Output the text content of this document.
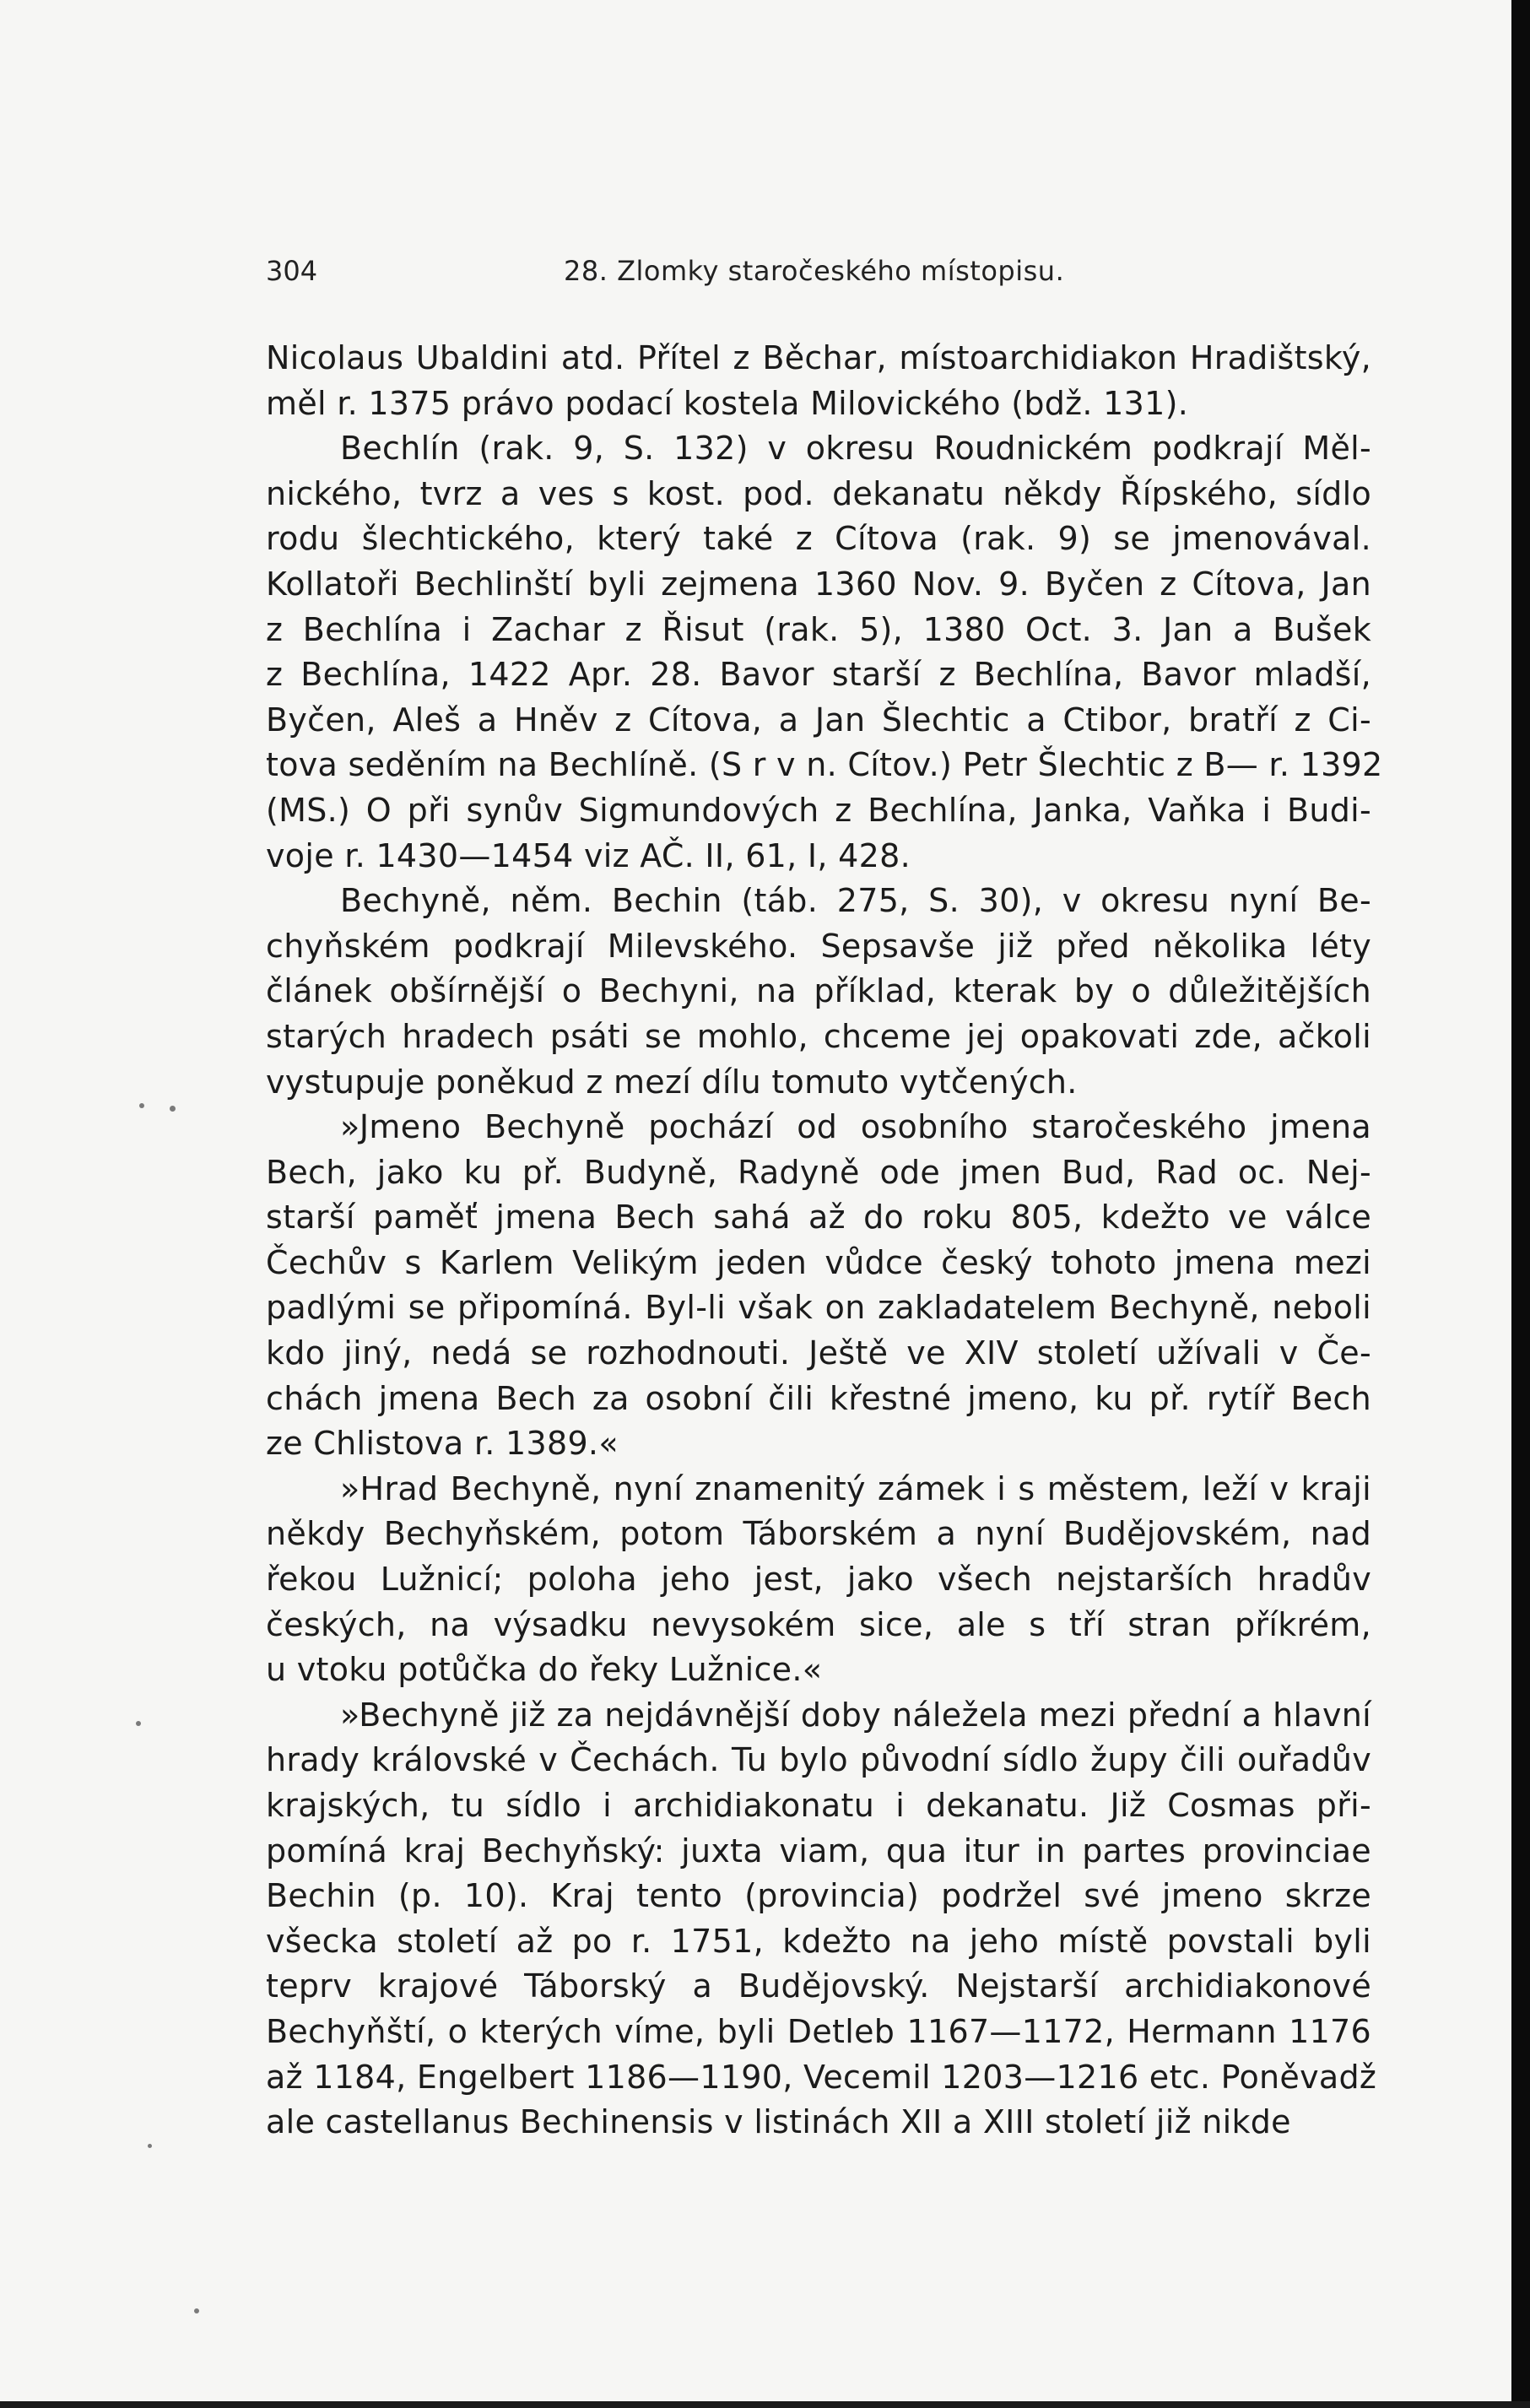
304	28. Zlomky staročeského místopisu.
Nicolaus Ubaldini atd. Přítel z Běchar, místoarchidiakon Hradištský,
měl r. 1375 právo podací kostela Milovického (bdž. 131).
Bechlín (rak. 9, S. 132) v okresu Roudnickém podkrají Měl-
nického, tvrz a ves s kost. pod. dekanatu někdy Řípského, sídlo
rodu šlechtického, který také z Cítova (rak. 9) se jmenovával.
Kollatoři Bechlinští byli zejmena 1360 Nov. 9. Byčen z Cítova, Jan
z Bechlína i Zachar z Řisut (rak. 5), 1380 Oct. 3. Jan a Bušek
z Bechlína, 1422 Apr. 28. Bavor starší z Bechlína, Bavor mladší,
Byčen, Aleš a Hněv z Cítova, a Jan Šlechtic a Ctibor, bratří z Ci-
tova seděním na Bechlíně. (S r v n. Cítov.) Petr Šlechtic z B— r. 1392
(MS.) O při synův Sigmundových z Bechlína, Janka, Vaňka i Budi-
voje r. 1430—1454 viz AČ. II, 61, I, 428.
Bechyně, něm. Bechin (táb. 275, S. 30), v okresu nyní Be-
chyňském podkrají Milevského. Sepsavše již před několika léty
článek obšírnější o Bechyni, na příklad, kterak by o důležitějších
starých hradech psáti se mohlo, chceme jej opakovati zde, ačkoli
vystupuje poněkud z mezí dílu tomuto vytčených.
»Jmeno Bechyně pochází od osobního staročeského jmena
Bech, jako ku př. Budyně, Radyně ode jmen Bud, Rad oc. Nej-
starší paměť jmena Bech sahá až do roku 805, kdežto ve válce
Čechův s Karlem Velikým jeden vůdce český tohoto jmena mezi
padlými se připomíná. Byl-li však on zakladatelem Bechyně, neboli
kdo jiný, nedá se rozhodnouti. Ještě ve XIV století užívali v Če-
chách jmena Bech za osobní čili křestné jmeno, ku př. rytíř Bech
ze Chlistova r. 1389.«
»Hrad Bechyně, nyní znamenitý zámek i s městem, leží v kraji
někdy Bechyňském, potom Táborském a nyní Budějovském, nad
řekou Lužnicí; poloha jeho jest, jako všech nejstarších hradův
českých, na výsadku nevysokém sice, ale s tří stran příkrém,
u vtoku potůčka do řeky Lužnice.«
»Bechyně již za nejdávnější doby náležela mezi přední a hlavní
hrady královské v Čechách. Tu bylo původní sídlo župy čili ouřadův
krajských, tu sídlo i archidiakonatu i dekanatu. Již Cosmas při-
pomíná kraj Bechyňský: juxta viam, qua itur in partes provinciae
Bechin (p. 10). Kraj tento (provincia) podržel své jmeno skrze
všecka století až po r. 1751, kdežto na jeho místě povstali byli
teprv krajové Táborský a Budějovský. Nejstarší archidiakonové
Bechyňští, o kterých víme, byli Detleb 1167—1172, Hermann 1176
až 1184, Engelbert 1186—1190, Vecemil 1203—1216 etc. Poněvadž
ale castellanus Bechinensis v listinách XII a XIII století již nikde
